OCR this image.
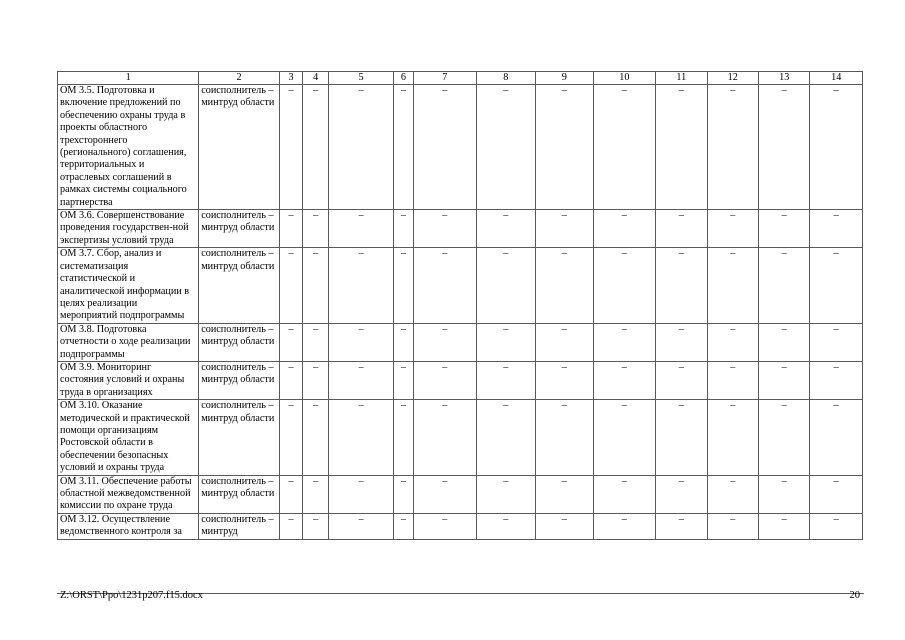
1	2	3	4	5	6	7	8	9	10	11	12	13	14
ОМ 3.5. Подготовка и включение предложений по обеспечению охраны труда в проекты областного трехстороннего (регионального) соглашения, территориальных и отраслевых соглашений в рамках системы социального партнерства	соисполнитель – минтруд области	–	–	–	–	–	–	–	–	–	–	–	–
ОМ 3.6. Совершенствование проведения государствен-ной экспертизы условий труда	соисполнитель – минтруд области	–	–	–	–	–	–	–	–	–	–	–	–
ОМ 3.7. Сбор, анализ и систематизация статистической и аналитической информации в целях реализации мероприятий подпрограммы	соисполнитель – минтруд области	–	–	–	–	–	–	–	–	–	–	–	–
ОМ 3.8. Подготовка отчетности о ходе реализации подпрограммы	соисполнитель – минтруд области	–	–	–	–	–	–	–	–	–	–	–	–
ОМ 3.9. Мониторинг состояния условий и охраны труда в организациях	соисполнитель – минтруд области	–	–	–	–	–	–	–	–	–	–	–	–
ОМ 3.10. Оказание методической и практической помощи организациям Ростовской области в обеспечении безопасных условий и охраны труда	соисполнитель – минтруд области	–	–	–	–	–	–	–	–	–	–	–	–
ОМ 3.11. Обеспечение работы областной межведомственной комиссии по охране труда	соисполнитель – минтруд области	–	–	–	–	–	–	–	–	–	–	–	–
ОМ 3.12. Осуществление ведомственного контроля за	соисполнитель – минтруд	–	–	–	–	–	–	–	–	–	–	–	–
Z:\ORST\Ppo\1231p207.f15.docx	20
